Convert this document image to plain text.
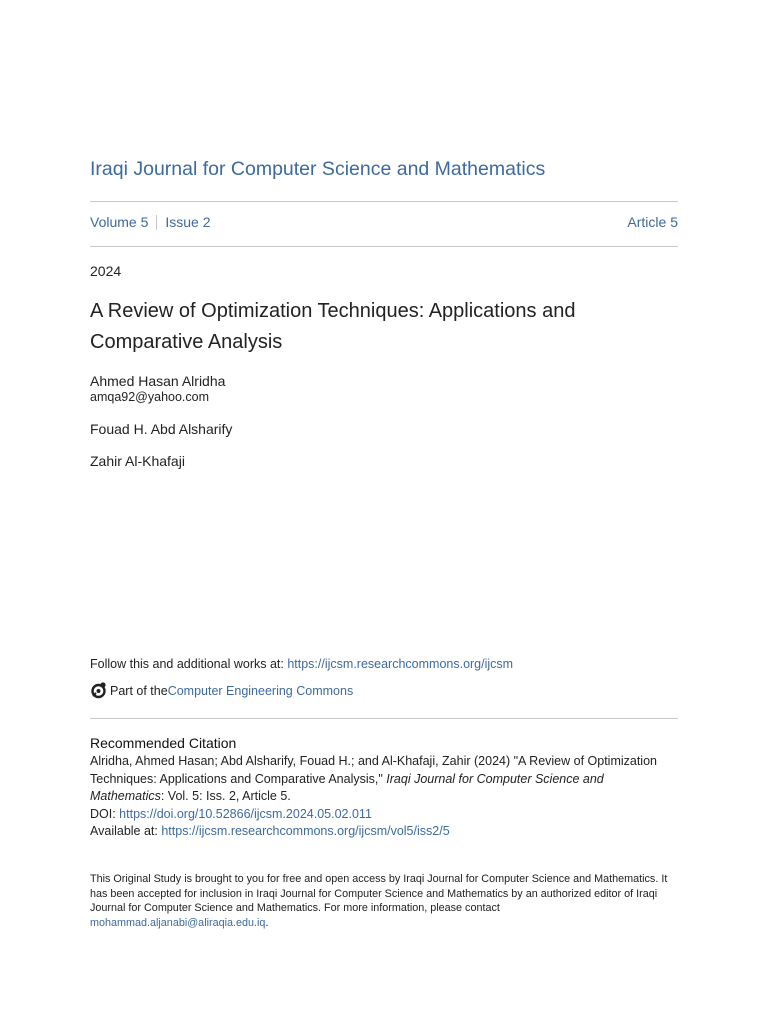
Iraqi Journal for Computer Science and Mathematics
Volume 5 Issue 2	Article 5
2024
A Review of Optimization Techniques: Applications and Comparative Analysis
Ahmed Hasan Alridha
amqa92@yahoo.com
Fouad H. Abd Alsharify
Zahir Al-Khafaji
Follow this and additional works at: https://ijcsm.researchcommons.org/ijcsm
Part of the Computer Engineering Commons
Recommended Citation

Alridha, Ahmed Hasan; Abd Alsharify, Fouad H.; and Al-Khafaji, Zahir (2024) "A Review of Optimization Techniques: Applications and Comparative Analysis," Iraqi Journal for Computer Science and Mathematics: Vol. 5: Iss. 2, Article 5.

DOI: https://doi.org/10.52866/ijcsm.2024.05.02.011

Available at: https://ijcsm.researchcommons.org/ijcsm/vol5/iss2/5

This Original Study is brought to you for free and open access by Iraqi Journal for Computer Science and Mathematics. It has been accepted for inclusion in Iraqi Journal for Computer Science and Mathematics by an authorized editor of Iraqi Journal for Computer Science and Mathematics. For more information, please contact mohammad.aljanabi@aliraqia.edu.iq.
